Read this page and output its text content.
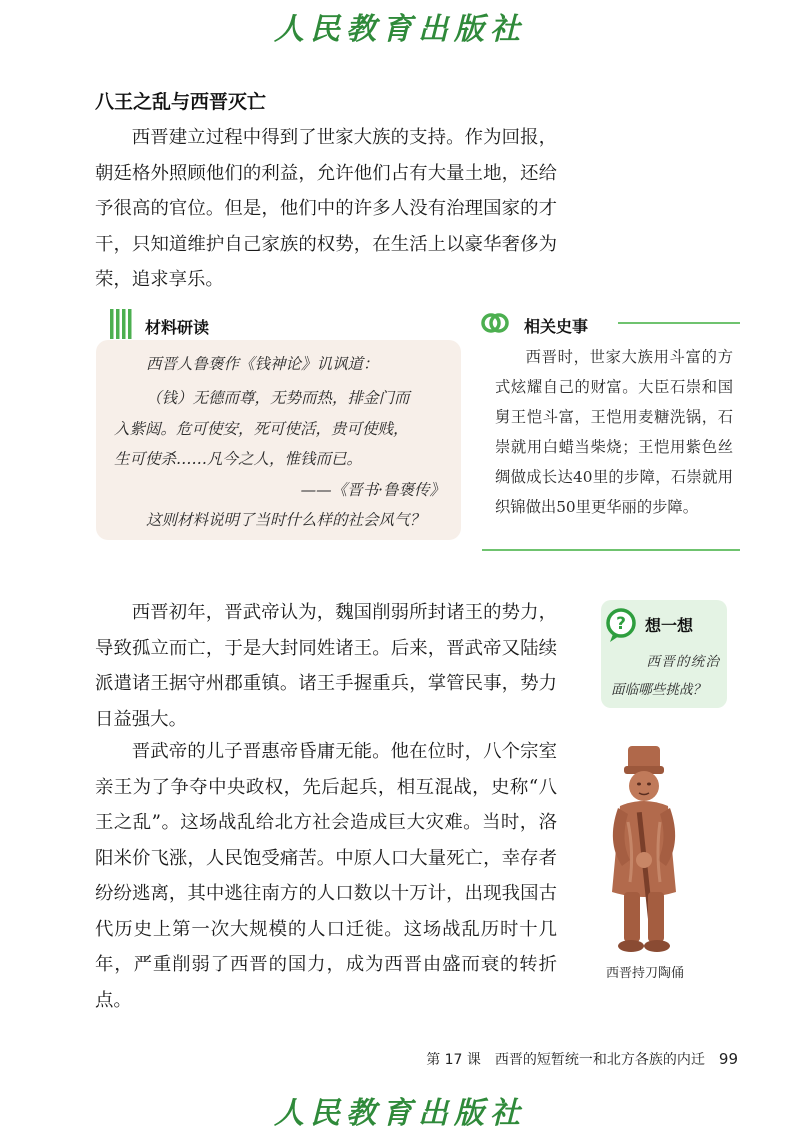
人民教育出版社
八王之乱与西晋灭亡

西晋建立过程中得到了世家大族的支持。作为回报，朝廷格外照顾他们的利益，允许他们占有大量土地，还给予很高的官位。但是，他们中的许多人没有治理国家的才干，只知道维护自己家族的权势，在生活上以豪华奢侈为荣，追求享乐。

材料研读
西晋人鲁褒作《钱神论》讥讽道：
（钱）无德而尊，无势而热，排金门而
入紫闼。危可使安，死可使活，贵可使贱，
生可使杀……凡今之人，惟钱而已。
——《晋书·鲁褒传》
这则材料说明了当时什么样的社会风气？
相关史事

西晋时，世家大族用斗富的方式炫耀自己的财富。大臣石崇和国舅王恺斗富，王恺用麦糖洗锅，石崇就用白蜡当柴烧；王恺用紫色丝绸做成长达40里的步障，石崇就用织锦做出50里更华丽的步障。

西晋初年，晋武帝认为，魏国削弱所封诸王的势力，导致孤立而亡，于是大封同姓诸王。后来，晋武帝又陆续派遣诸王据守州郡重镇。诸王手握重兵，掌管民事，势力日益强大。

? 想一想

西晋的统治面临哪些挑战？

晋武帝的儿子晋惠帝昏庸无能。他在位时，八个宗室亲王为了争夺中央政权，先后起兵，相互混战，史称“八王之乱”。这场战乱给北方社会造成巨大灾难。当时，洛阳米价飞涨，人民饱受痛苦。中原人口大量死亡，幸存者纷纷逃离，其中逃往南方的人口数以十万计，出现我国古代历史上第一次大规模的人口迁徙。这场战乱历时十几年，严重削弱了西晋的国力，成为西晋由盛而衰的转折点。

西晋持刀陶俑
第 17 课　西晋的短暂统一和北方各族的内迁 99
人民教育出版社
